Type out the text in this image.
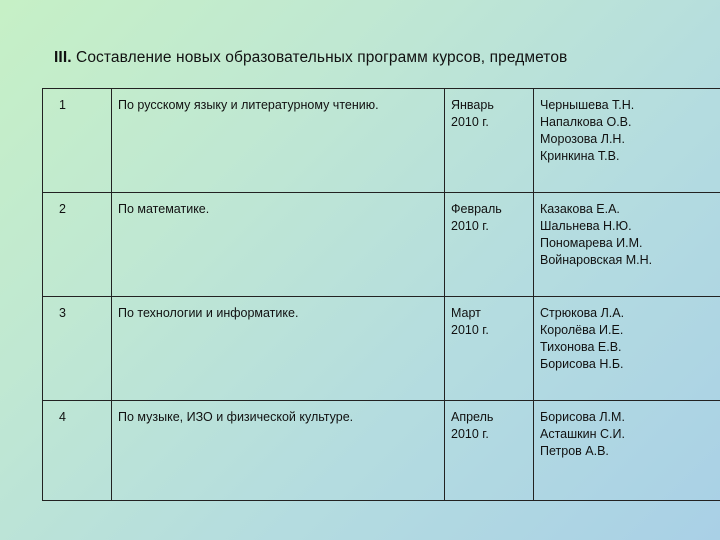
III. Составление новых образовательных программ курсов, предметов
1	По русскому языку и литературному чтению.	Январь
2010 г.	Чернышева Т.Н.
Напалкова О.В.
Морозова Л.Н.
Кринкина Т.В.

2	По математике.	Февраль
2010 г.	Казакова Е.А.
Шальнева Н.Ю.
Пономарева И.М.
Войнаровская М.Н.

3	По технологии и информатике.	Март
2010 г.	Стрюкова Л.А.
Королёва И.Е.
Тихонова Е.В.
Борисова Н.Б.

4	По музыке, ИЗО и физической культуре.	Апрель
2010 г.	Борисова Л.М.
Асташкин С.И.
Петров А.В.
